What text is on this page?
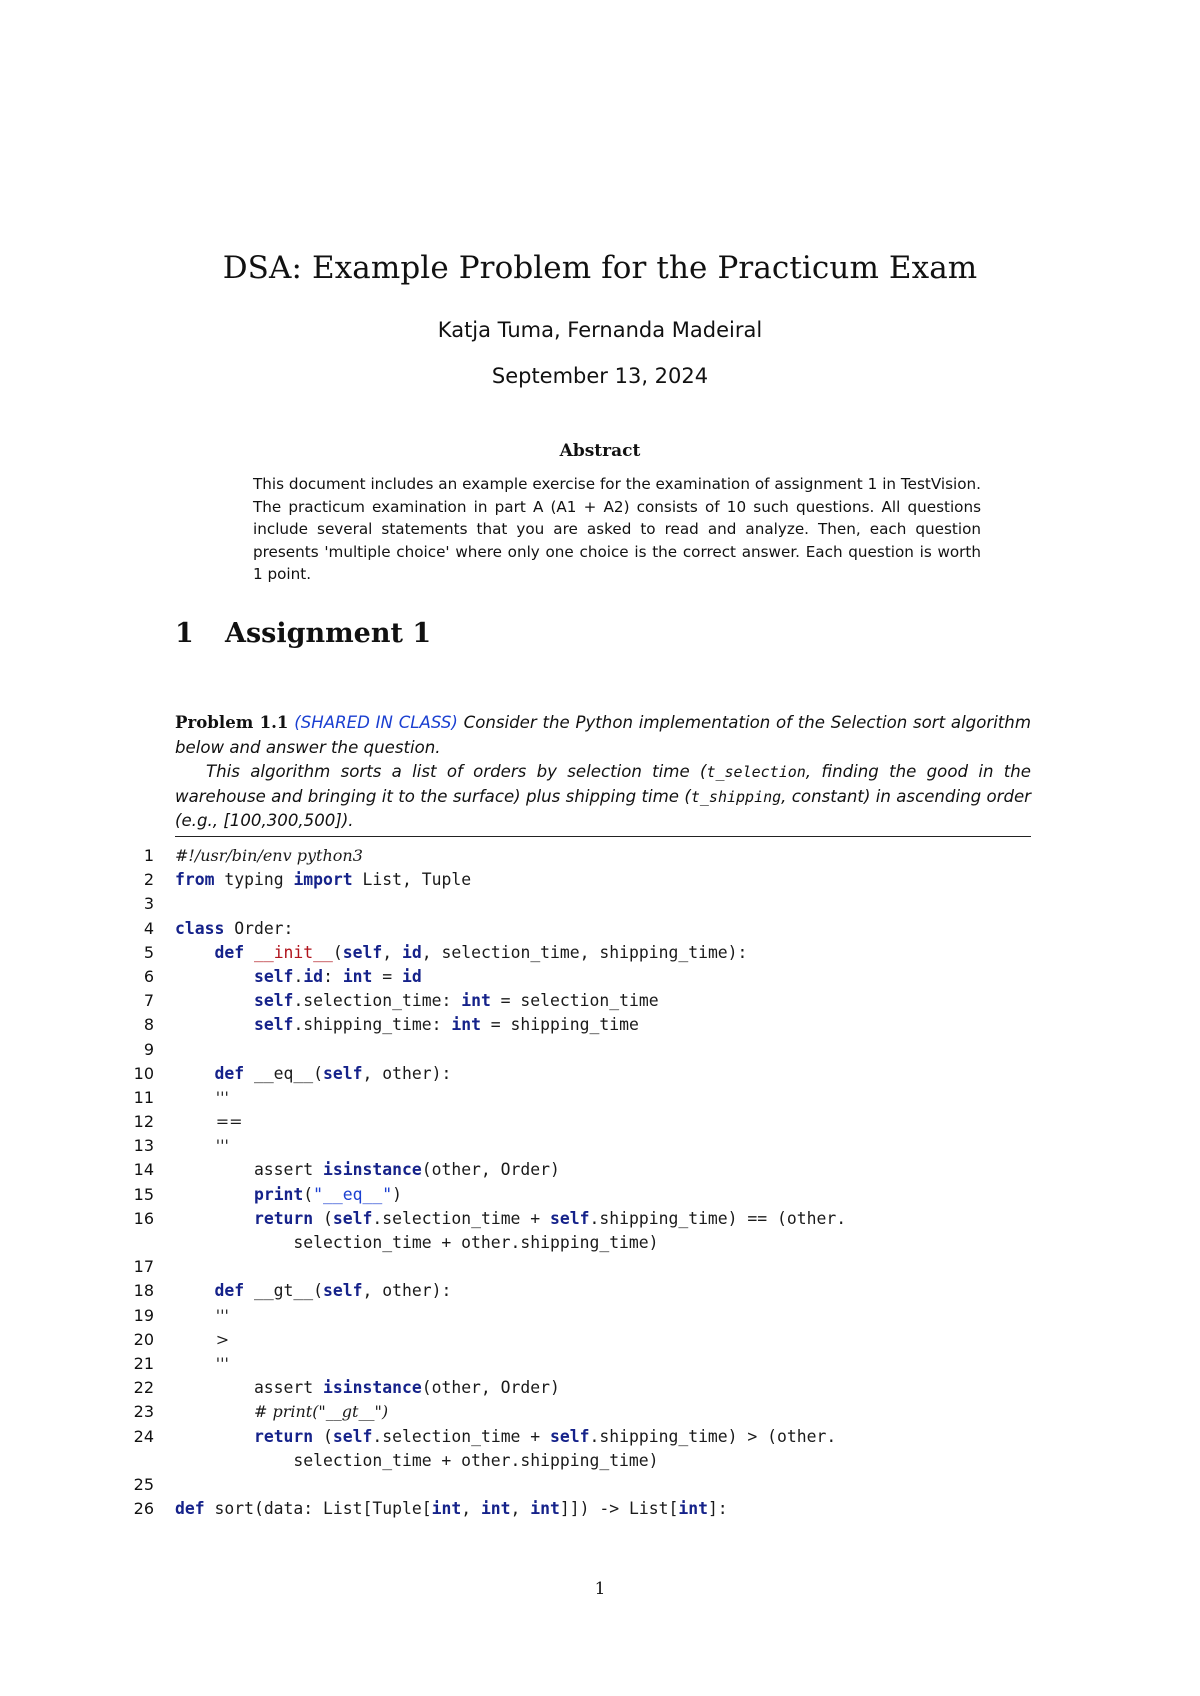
DSA: Example Problem for the Practicum Exam
Katja Tuma, Fernanda Madeiral
September 13, 2024
Abstract

This document includes an example exercise for the examination of assignment 1 in TestVision. The practicum examination in part A (A1 + A2) consists of 10 such questions. All questions include several statements that you are asked to read and analyze. Then, each question presents 'multiple choice' where only one choice is the correct answer. Each question is worth 1 point.

1 Assignment 1

Problem 1.1 (SHARED IN CLASS) Consider the Python implementation of the Selection sort algorithm below and answer the question.

This algorithm sorts a list of orders by selection time (t_selection, finding the good in the warehouse and bringing it to the surface) plus shipping time (t_shipping, constant) in ascending order (e.g., [100,300,500]).

1 #!/usr/bin/env python3
2 from typing import List, Tuple
3
4 class Order:
5 def __init__(self, id, selection_time, shipping_time):
6	self.id: int = id
7	self.selection_time: int = selection_time
8	self.shipping_time: int = shipping_time
9
10 def __eq__(self, other):
11 '''
12 ==
13 '''
14 assert isinstance(other, Order)
15	print("__eq__")
16	return (self.selection_time + self.shipping_time) == (other.
selection_time + other.shipping_time)
17
18 def __gt__(self, other):
19 '''
20 >
21 '''
22 assert isinstance(other, Order)
23	# print("__gt__")
24	return (self.selection_time + self.shipping_time) > (other.
selection_time + other.shipping_time)
25
26 def sort(data: List[Tuple[int, int, int]]) -> List[int]:
1
